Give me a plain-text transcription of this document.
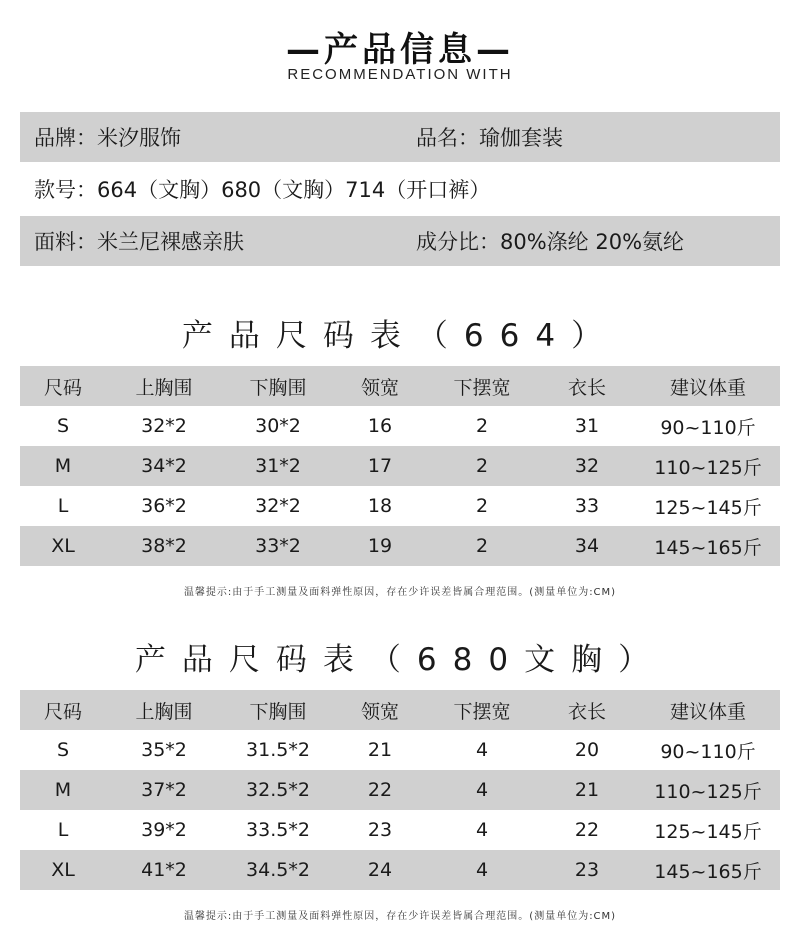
—产品信息—
RECOMMENDATION WITH
品牌：米汐服饰	品名：瑜伽套装
款号：664（文胸）680（文胸）714（开口裤）
面料：米兰尼裸感亲肤	成分比：80%涤纶 20%氨纶
产品尺码表（664）
尺码	上胸围	下胸围	领宽	下摆宽	衣长	建议体重
S	32*2	30*2	16	2	31	90~110斤
M	34*2	31*2	17	2	32	110~125斤
L	36*2	32*2	18	2	33	125~145斤
XL	38*2	33*2	19	2	34	145~165斤
温馨提示:由于手工测量及面料弹性原因，存在少许误差皆属合理范围。(测量单位为:CM)
产品尺码表（680文胸）
尺码	上胸围	下胸围	领宽	下摆宽	衣长	建议体重
S	35*2	31.5*2	21	4	20	90~110斤
M	37*2	32.5*2	22	4	21	110~125斤
L	39*2	33.5*2	23	4	22	125~145斤
XL	41*2	34.5*2	24	4	23	145~165斤
温馨提示:由于手工测量及面料弹性原因，存在少许误差皆属合理范围。(测量单位为:CM)
